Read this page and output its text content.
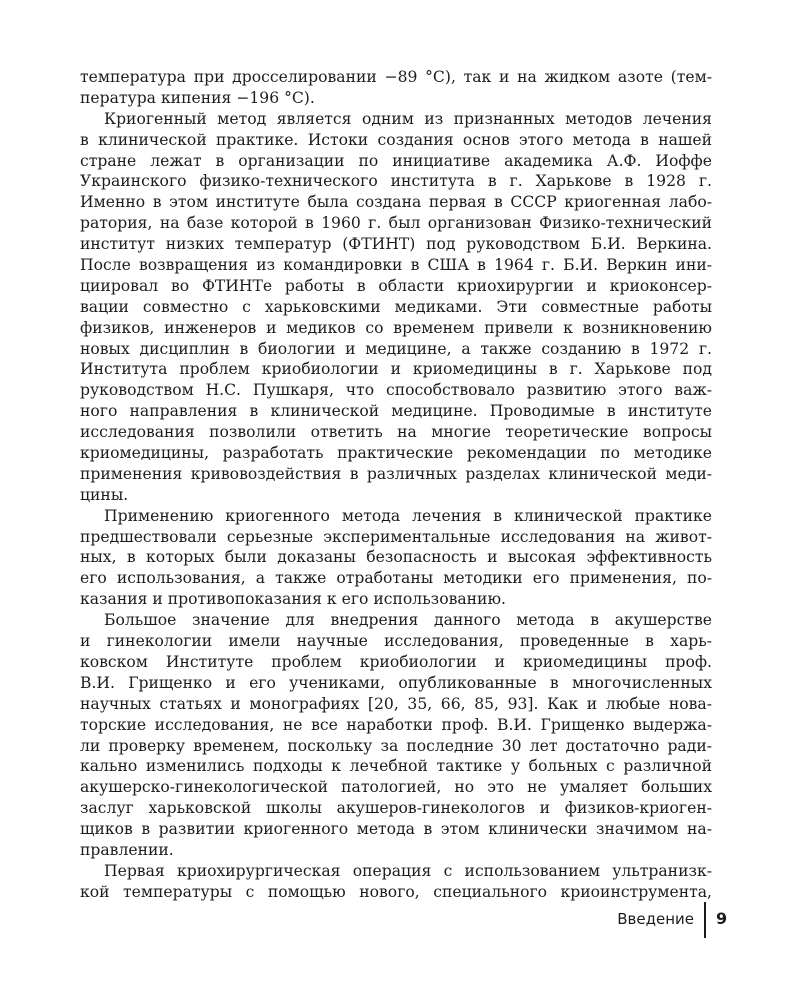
температура при дросселировании −89 °С), так и на жидком азоте (тем-
пература кипения −196 °С).
Криогенный метод является одним из признанных методов лечения
в клинической практике. Истоки создания основ этого метода в нашей
стране лежат в организации по инициативе академика А.Ф. Иоффе
Украинского физико-технического института в г. Харькове в 1928 г.
Именно в этом институте была создана первая в СССР криогенная лабо-
ратория, на базе которой в 1960 г. был организован Физико-технический
институт низких температур (ФТИНТ) под руководством Б.И. Веркина.
После возвращения из командировки в США в 1964 г. Б.И. Веркин ини-
циировал во ФТИНТе работы в области криохирургии и криоконсер-
вации совместно с харьковскими медиками. Эти совместные работы
физиков, инженеров и медиков со временем привели к возникновению
новых дисциплин в биологии и медицине, а также созданию в 1972 г.
Института проблем криобиологии и криомедицины в г. Харькове под
руководством Н.С. Пушкаря, что способствовало развитию этого важ-
ного направления в клинической медицине. Проводимые в институте
исследования позволили ответить на многие теоретические вопросы
криомедицины, разработать практические рекомендации по методике
применения кривовоздействия в различных разделах клинической меди-
цины.
Применению криогенного метода лечения в клинической практике
предшествовали серьезные экспериментальные исследования на живот-
ных, в которых были доказаны безопасность и высокая эффективность
его использования, а также отработаны методики его применения, по-
казания и противопоказания к его использованию.
Большое значение для внедрения данного метода в акушерстве
и гинекологии имели научные исследования, проведенные в харь-
ковском Институте проблем криобиологии и криомедицины проф.
В.И. Грищенко и его учениками, опубликованные в многочисленных
научных статьях и монографиях [20, 35, 66, 85, 93]. Как и любые нова-
торские исследования, не все наработки проф. В.И. Грищенко выдержа-
ли проверку временем, поскольку за последние 30 лет достаточно ради-
кально изменились подходы к лечебной тактике у больных с различной
акушерско-гинекологической патологией, но это не умаляет больших
заслуг харьковской школы акушеров-гинекологов и физиков-криоген-
щиков в развитии криогенного метода в этом клинически значимом на-
правлении.
Первая криохирургическая операция с использованием ультранизк-
кой температуры с помощью нового, специального криоинструмента,
Введение 9
